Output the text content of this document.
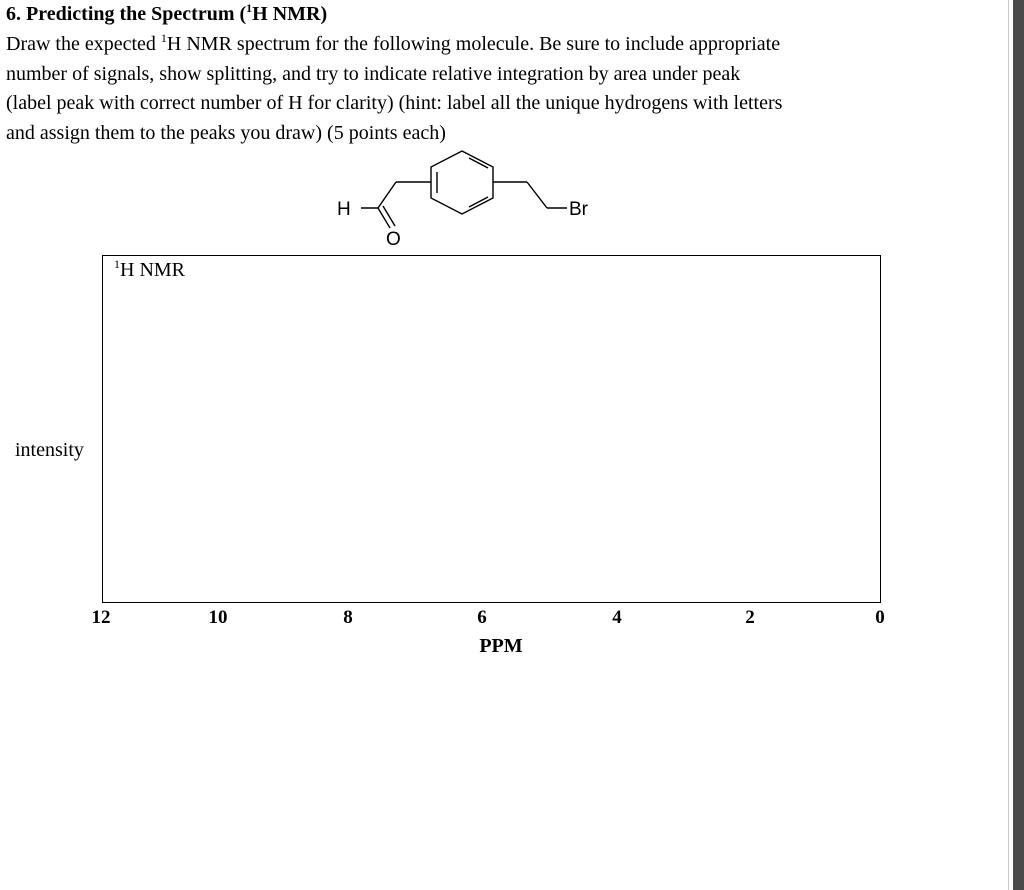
6. Predicting the Spectrum ($^1$H NMR)
Draw the expected $^1$H NMR spectrum for the following molecule. Be sure to include appropriate
number of signals, show splitting, and try to indicate relative integration by area under peak
(label peak with correct number of H for clarity) (hint: label all the unique hydrogens with letters
and assign them to the peaks you draw) (5 points each)
H
O
Br
$^1$H NMR
intensity
12	10	8	6	4	2	0
PPM
